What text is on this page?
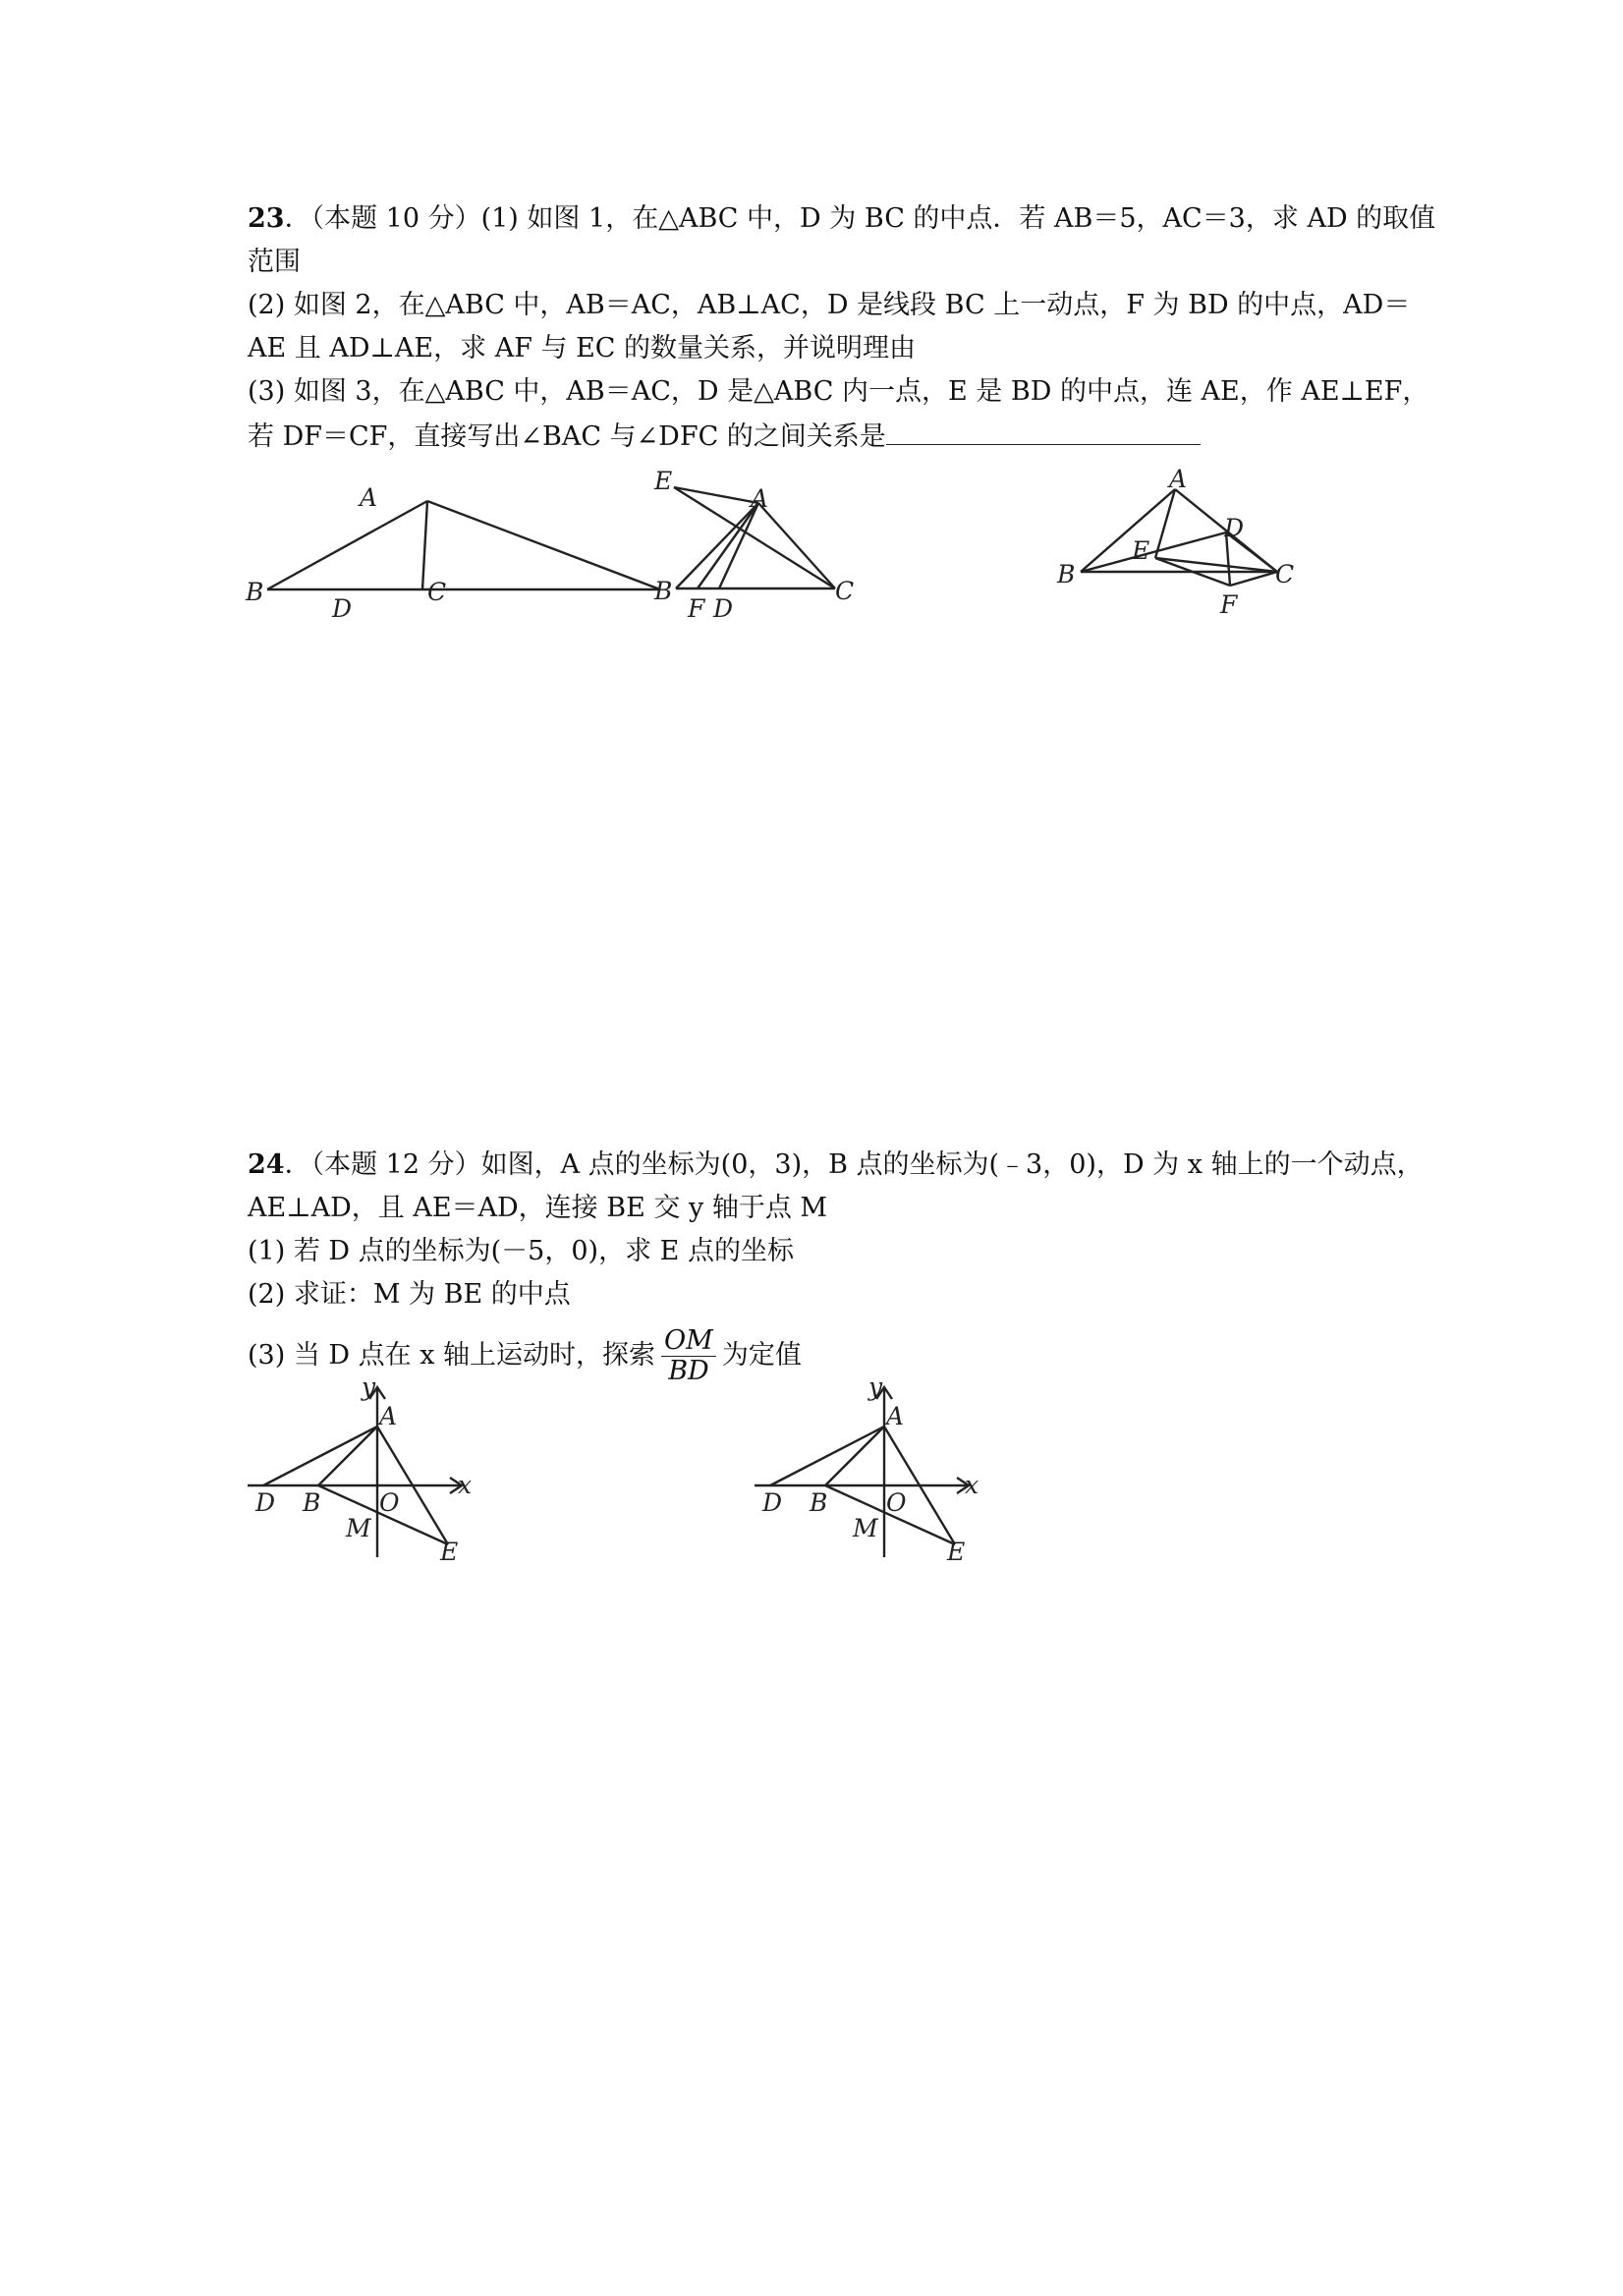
23．（本题 10 分）(1) 如图 1，在△ABC 中，D 为 BC 的中点．若 AB＝5，AC＝3，求 AD 的取值
范围
(2) 如图 2，在△ABC 中，AB＝AC，AB⊥AC，D 是线段 BC 上一动点，F 为 BD 的中点，AD＝
AE 且 AD⊥AE，求 AF 与 EC 的数量关系，并说明理由
(3) 如图 3，在△ABC 中，AB＝AC，D 是△ABC 内一点，E 是 BD 的中点，连 AE，作 AE⊥EF，
若 DF＝CF，直接写出∠BAC 与∠DFC 的之间关系是
A
B
D
C
E
A
B
F D
C
A
D
E
B	C
F
24．（本题 12 分）如图，A 点的坐标为(0，3)，B 点的坐标为(﹣3，0)，D 为 x 轴上的一个动点，
AE⊥AD，且 AE＝AD，连接 BE 交 y 轴于点 M
(1) 若 D 点的坐标为(－5，0)，求 E 点的坐标
(2) 求证：M 为 BE 的中点
(3) 当 D 点在 x 轴上运动时，探索 $\frac{OM}{BD}$ 为定值
y
A
x
D B O
M
E
y
A
x
D B O
M
E
